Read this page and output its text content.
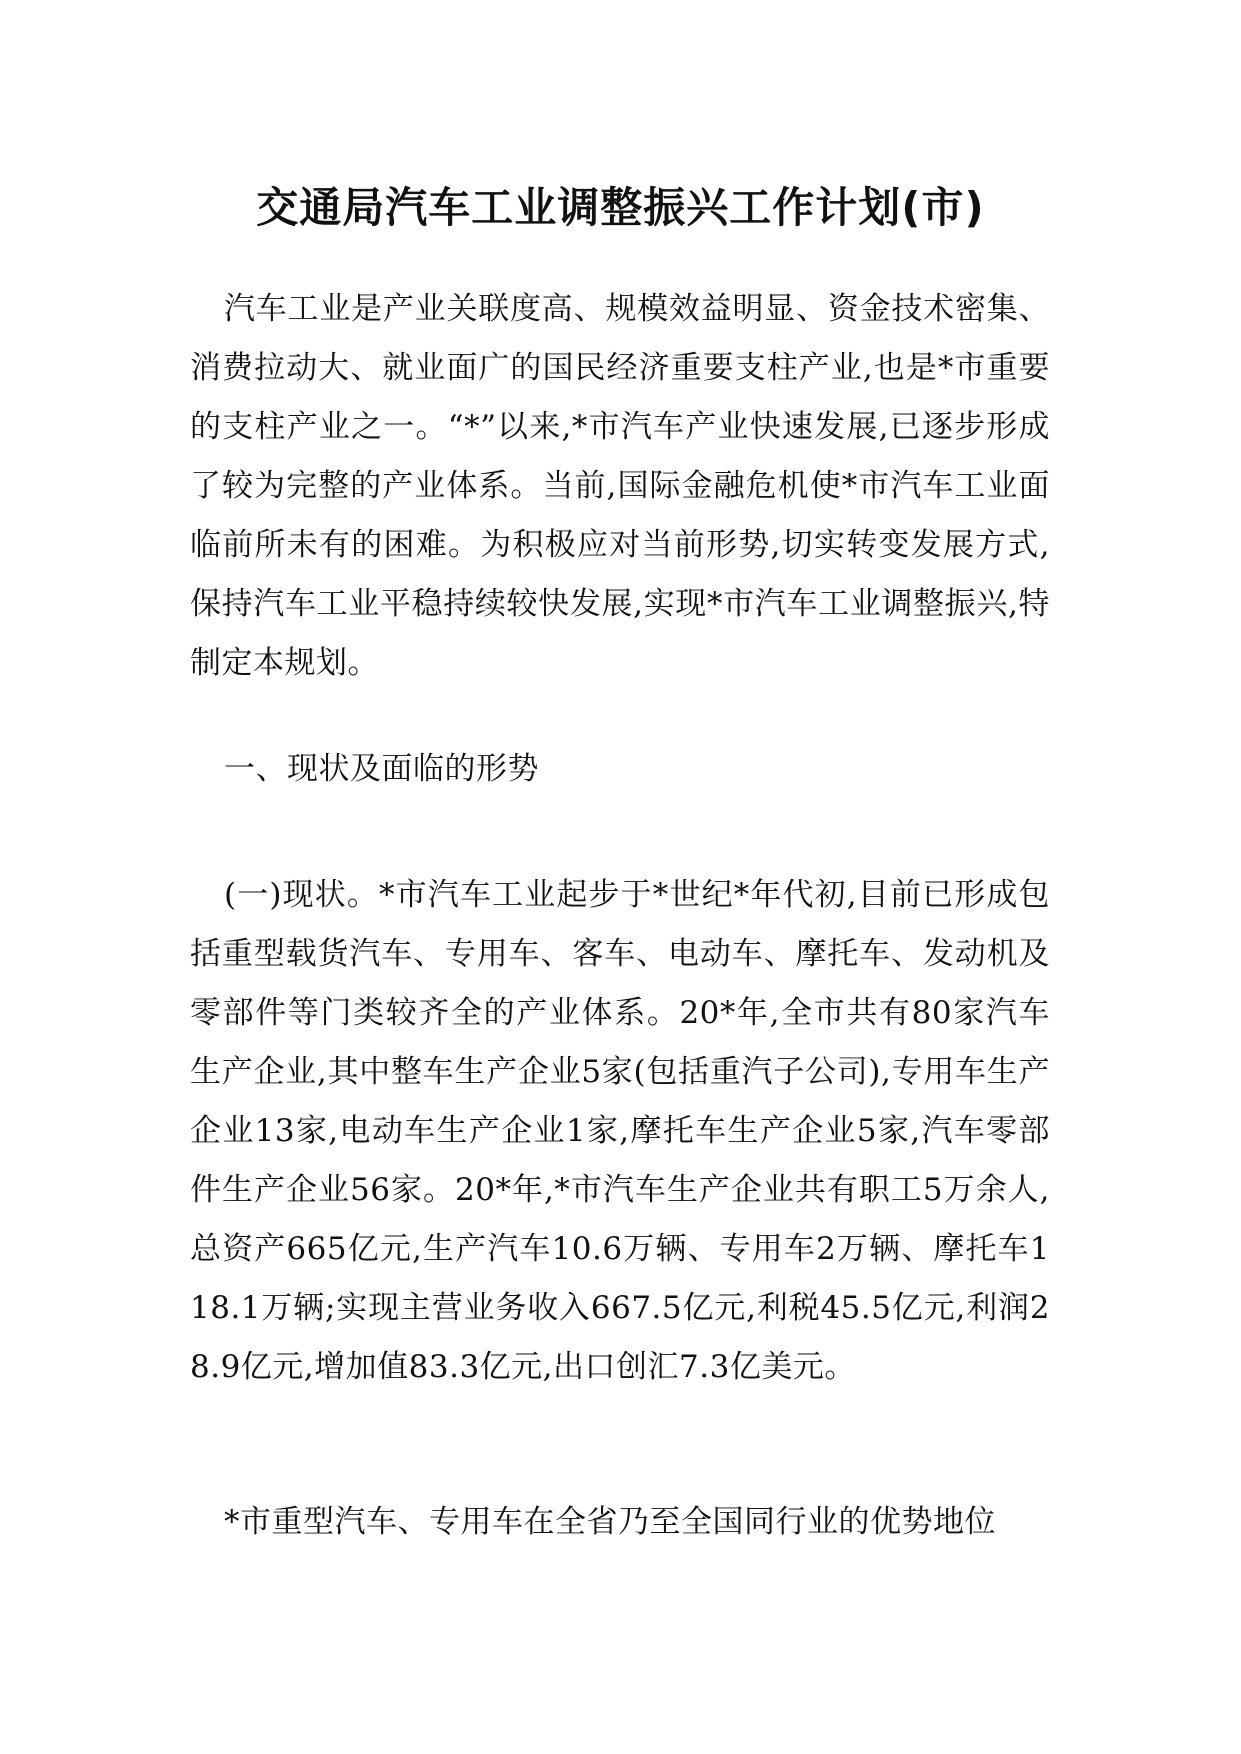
交通局汽车工业调整振兴工作计划(市)

汽车工业是产业关联度高、规模效益明显、资金技术密集、消费拉动大、就业面广的国民经济重要支柱产业,也是*市重要的支柱产业之一。“*”以来,*市汽车产业快速发展,已逐步形成了较为完整的产业体系。当前,国际金融危机使*市汽车工业面临前所未有的困难。为积极应对当前形势,切实转变发展方式,保持汽车工业平稳持续较快发展,实现*市汽车工业调整振兴,特制定本规划。

一、现状及面临的形势

(一)现状。*市汽车工业起步于*世纪*年代初,目前已形成包括重型载货汽车、专用车、客车、电动车、摩托车、发动机及零部件等门类较齐全的产业体系。20*年,全市共有80家汽车生产企业,其中整车生产企业5家(包括重汽子公司),专用车生产企业13家,电动车生产企业1家,摩托车生产企业5家,汽车零部件生产企业56家。20*年,*市汽车生产企业共有职工5万余人,总资产665亿元,生产汽车10.6万辆、专用车2万辆、摩托车118.1万辆;实现主营业务收入667.5亿元,利税45.5亿元,利润28.9亿元,增加值83.3亿元,出口创汇7.3亿美元。

*市重型汽车、专用车在全省乃至全国同行业的优势地位
